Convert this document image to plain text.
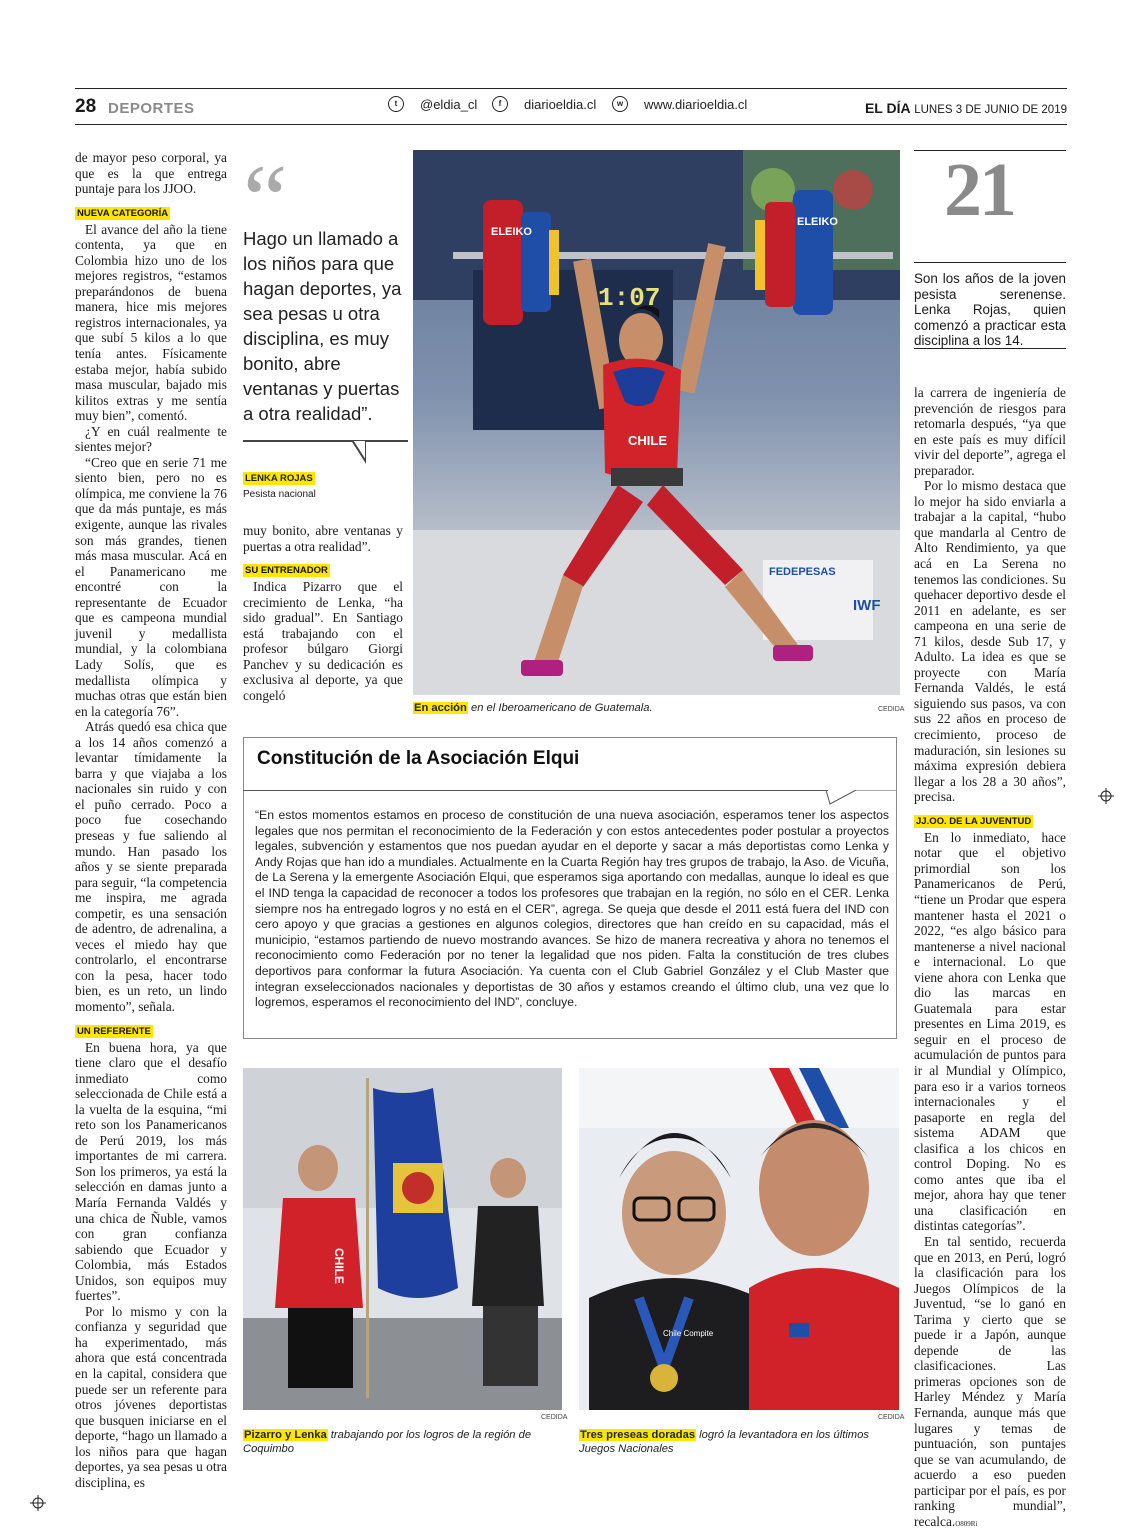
28 DEPORTES	t	@eldia_cl	f	diarioeldia.cl	w	www.diarioeldia.cl	EL DÍA LUNES 3 DE JUNIO DE 2019

de mayor peso corporal, ya que es la que entrega puntaje para los JJOO.

NUEVA CATEGORÍA

El avance del año la tiene contenta, ya que en Colombia hizo uno de los mejores registros, “estamos preparándonos de buena manera, hice mis mejores registros internacionales, ya que subí 5 kilos a lo que tenía antes. Físicamente estaba mejor, había subido masa muscular, bajado mis kilitos extras y me sentía muy bien”, comentó.

¿Y en cuál realmente te sientes mejor?

“Creo que en serie 71 me siento bien, pero no es olímpica, me conviene la 76 que da más puntaje, es más exigente, aunque las rivales son más grandes, tienen más masa muscular. Acá en el Panamericano me encontré con la representante de Ecuador que es campeona mundial juvenil y medallista mundial, y la colombiana Lady Solís, que es medallista olímpica y muchas otras que están bien en la categoría 76”.

Atrás quedó esa chica que a los 14 años comenzó a levantar tímidamente la barra y que viajaba a los nacionales sin ruido y con el puño cerrado. Poco a poco fue cosechando preseas y fue saliendo al mundo. Han pasado los años y se siente preparada para seguir, “la competencia me inspira, me agrada competir, es una sensación de adentro, de adrenalina, a veces el miedo hay que controlarlo, el encontrarse con la pesa, hacer todo bien, es un reto, un lindo momento”, señala.

UN REFERENTE

En buena hora, ya que tiene claro que el desafío inmediato como seleccionada de Chile está a la vuelta de la esquina, “mi reto son los Panamericanos de Perú 2019, los más importantes de mi carrera. Son los primeros, ya está la selección en damas junto a María Fernanda Valdés y una chica de Ñuble, vamos con gran confianza sabiendo que Ecuador y Colombia, más Estados Unidos, son equipos muy fuertes”.

Por lo mismo y con la confianza y seguridad que ha experimentado, más ahora que está concentrada en la capital, considera que puede ser un referente para otros jóvenes deportistas que busquen iniciarse en el deporte, “hago un llamado a los niños para que hagan deportes, ya sea pesas u otra disciplina, es

“
Hago un llamado a los niños para que hagan deportes, ya sea pesas u otra disciplina, es muy bonito, abre ventanas y puertas a otra realidad”.
LENKA ROJAS
Pesista nacional

muy bonito, abre ventanas y puertas a otra realidad”.

SU ENTRENADOR

Indica Pizarro que el crecimiento de Lenka, “ha sido gradual”. En Santiago está trabajando con el profesor búlgaro Giorgi Panchev y su dedicación es exclusiva al deporte, ya que congeló

CHILE
ELEIKO
ELEIKO
1:07
FEDEPESAS
IWF
En acción en el Iberoamericano de Guatemala.	CEDIDA
21
Son los años de la joven pesista serenense. Lenka Rojas, quien comenzó a practicar esta disciplina a los 14.

la carrera de ingeniería de prevención de riesgos para retomarla después, “ya que en este país es muy difícil vivir del deporte”, agrega el preparador.

Por lo mismo destaca que lo mejor ha sido enviarla a trabajar a la capital, “hubo que mandarla al Centro de Alto Rendimiento, ya que acá en La Serena no tenemos las condiciones. Su quehacer deportivo desde el 2011 en adelante, es ser campeona en una serie de 71 kilos, desde Sub 17, y Adulto. La idea es que se proyecte con María Fernanda Valdés, le está siguiendo sus pasos, va con sus 22 años en proceso de crecimiento, proceso de maduración, sin lesiones su máxima expresión debiera llegar a los 28 a 30 años”, precisa.

JJ.OO. DE LA JUVENTUD

En lo inmediato, hace notar que el objetivo primordial son los Panamericanos de Perú, “tiene un Prodar que espera mantener hasta el 2021 o 2022, “es algo básico para mantenerse a nivel nacional e internacional. Lo que viene ahora con Lenka que dio las marcas en Guatemala para estar presentes en Lima 2019, es seguir en el proceso de acumulación de puntos para ir al Mundial y Olímpico, para eso ir a varios torneos internacionales y el pasaporte en regla del sistema ADAM que clasifica a los chicos en control Doping. No es como antes que iba el mejor, ahora hay que tener una clasificación en distintas categorías”.

En tal sentido, recuerda que en 2013, en Perú, logró la clasificación para los Juegos Olímpicos de la Juventud, “se lo ganó en Tarima y cierto que se puede ir a Japón, aunque depende de las clasificaciones. Las primeras opciones son de Harley Méndez y María Fernanda, aunque más que lugares y temas de puntuación, son puntajes que se van acumulando, de acuerdo a eso pueden participar por el país, es por ranking mundial”, recalca.O809Ri

Constitución de la Asociación Elqui
“En estos momentos estamos en proceso de constitución de una nueva asociación, esperamos tener los aspectos legales que nos permitan el reconocimiento de la Federación y con estos antecedentes poder postular a proyectos legales, subvención y estamentos que nos puedan ayudar en el deporte y sacar a más deportistas como Lenka y Andy Rojas que han ido a mundiales. Actualmente en la Cuarta Región hay tres grupos de trabajo, la Aso. de Vicuña, de La Serena y la emergente Asociación Elqui, que esperamos siga aportando con medallas, aunque lo ideal es que el IND tenga la capacidad de reconocer a todos los profesores que trabajan en la región, no sólo en el CER. Lenka siempre nos ha entregado logros y no está en el CER”, agrega. Se queja que desde el 2011 está fuera del IND con cero apoyo y que gracias a gestiones en algunos colegios, directores que han creído en su capacidad, más el municipio, “estamos partiendo de nuevo mostrando avances. Se hizo de manera recreativa y ahora no tenemos el reconocimiento como Federación por no tener la legalidad que nos piden. Falta la constitución de tres clubes deportivos para conformar la futura Asociación. Ya cuenta con el Club Gabriel González y el Club Master que integran exseleccionados nacionales y deportistas de 30 años y estamos creando el último club, una vez que lo logremos, esperamos el reconocimiento del IND”, concluye.
CHILE
CEDIDA
Pizarro y Lenka trabajando por los logros de la región de Coquimbo
Chile Compite
CEDIDA
Tres preseas doradas logró la levantadora en los últimos Juegos Nacionales
